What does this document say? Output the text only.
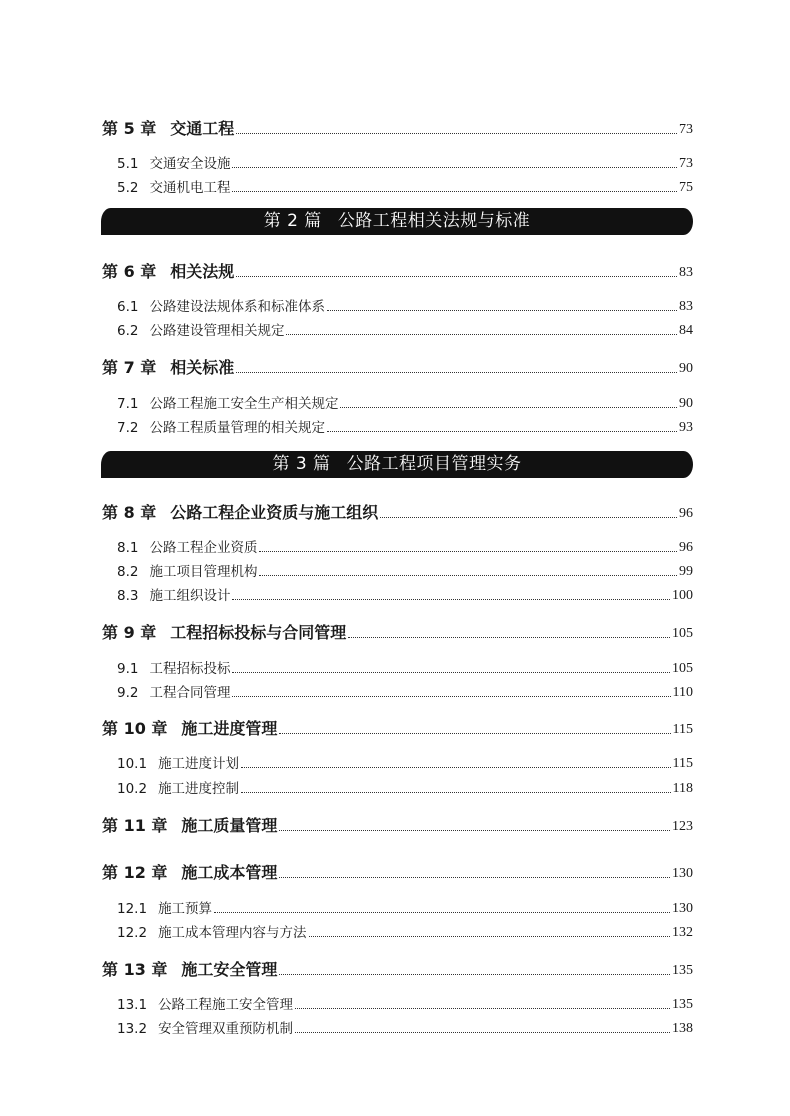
第 5 章 交通工程	73
5.1 交通安全设施	73
5.2 交通机电工程	75
第 2 篇 公路工程相关法规与标准
第 6 章 相关法规	83
6.1 公路建设法规体系和标准体系	83
6.2 公路建设管理相关规定	84
第 7 章 相关标准	90
7.1 公路工程施工安全生产相关规定	90
7.2 公路工程质量管理的相关规定	93
第 3 篇 公路工程项目管理实务
第 8 章 公路工程企业资质与施工组织	96
8.1 公路工程企业资质	96
8.2 施工项目管理机构	99
8.3 施工组织设计	100
第 9 章 工程招标投标与合同管理	105
9.1 工程招标投标	105
9.2 工程合同管理	110
第 10 章 施工进度管理	115
10.1 施工进度计划	115
10.2 施工进度控制	118
第 11 章 施工质量管理	123
第 12 章 施工成本管理	130
12.1 施工预算	130
12.2 施工成本管理内容与方法	132
第 13 章 施工安全管理	135
13.1 公路工程施工安全管理	135
13.2 安全管理双重预防机制	138
